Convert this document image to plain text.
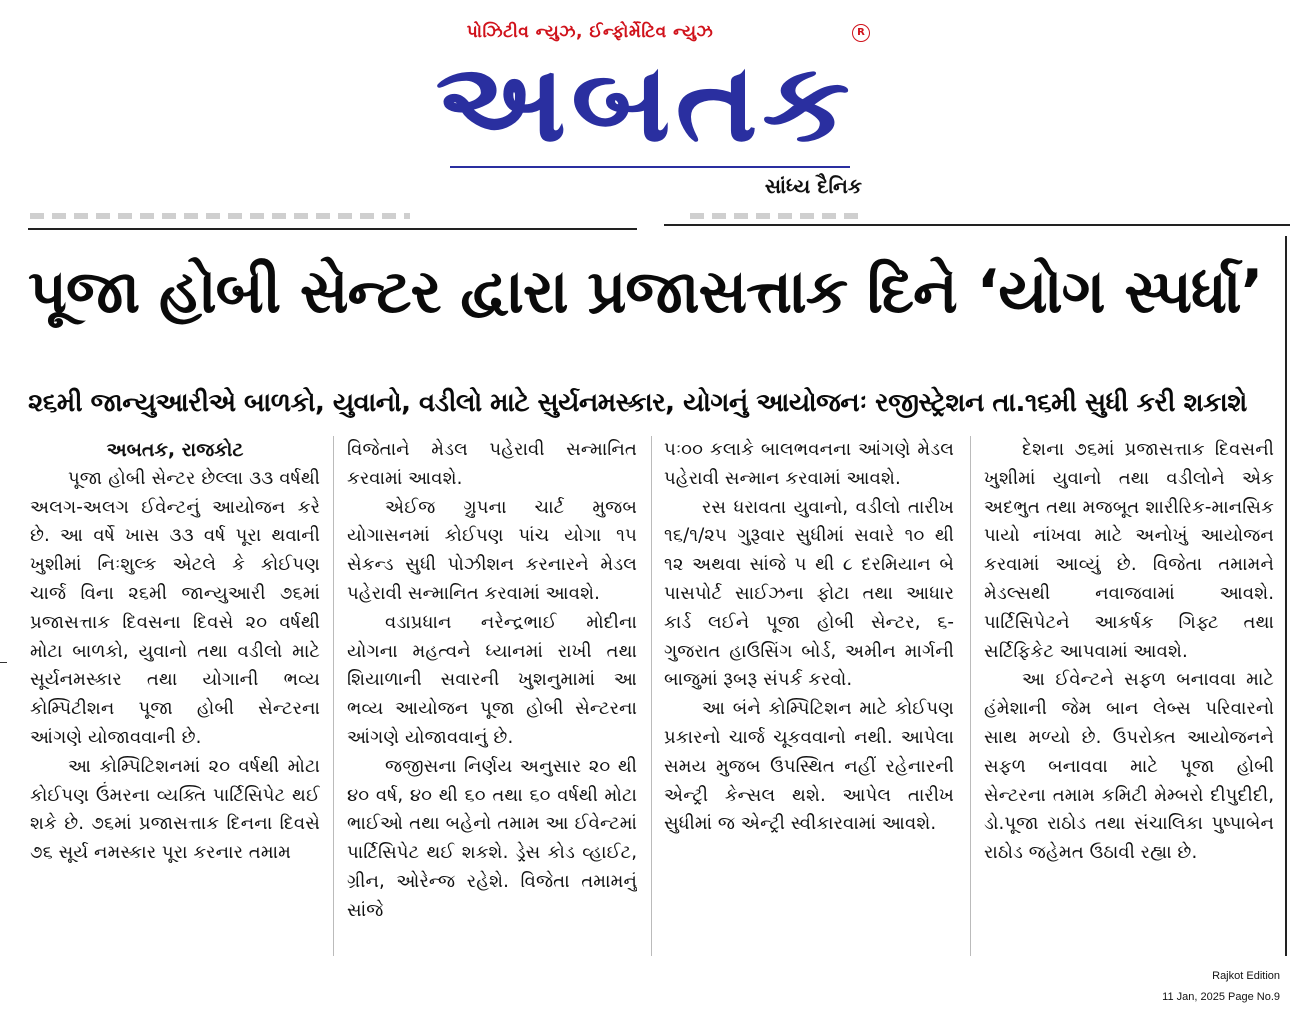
પોઝિટીવ ન્યુઝ, ઈન્ફોર્મેટિવ ન્યુઝ	R
અબતક
સાંધ્ય દૈનિક
પૂજા હોબી સેન્ટર દ્વારા પ્રજાસત્તાક દિને ‘યોગ સ્પર્ધા’
૨૬મી જાન્યુઆરીએ બાળકો, યુવાનો, વડીલો માટે સુર્યનમસ્કાર, યોગનું આયોજનઃ રજીસ્ટ્રેશન તા.૧૬મી સુધી કરી શકાશે

અબતક, રાજકોટ

પૂજા હોબી સેન્ટર છેલ્લા ૩૩ વર્ષથી અલગ-અલગ ઈવેન્ટનું આયોજન કરે છે. આ વર્ષે ખાસ ૩૩ વર્ષ પૂરા થવાની ખુશીમાં નિઃશુલ્ક એટલે કે કોઈપણ ચાર્જ વિના ૨૬મી જાન્યુઆરી ૭૬માં પ્રજાસત્તાક દિવસના દિવસે ૨૦ વર્ષથી મોટા બાળકો, યુવાનો તથા વડીલો માટે સૂર્યનમસ્કાર તથા યોગાની ભવ્ય કોમ્પિટીશન પૂજા હોબી સેન્ટરના આંગણે યોજાવવાની છે.

આ કોમ્પિટિશનમાં ૨૦ વર્ષથી મોટા કોઈપણ ઉંમરના વ્યક્તિ પાર્ટિસિપેટ થઈ શકે છે. ૭૬માં પ્રજાસત્તાક દિનના દિવસે ૭૬ સૂર્ય નમસ્કાર પૂરા કરનાર તમામ

વિજેતાને મેડલ પહેરાવી સન્માનિત કરવામાં આવશે.

એઈજ ગ્રુપના ચાર્ટ મુજબ યોગાસનમાં કોઈપણ પાંચ યોગા ૧૫ સેકન્ડ સુધી પોઝીશન કરનારને મેડલ પહેરાવી સન્માનિત કરવામાં આવશે.

વડાપ્રધાન નરેન્દ્રભાઈ મોદીના યોગના મહત્વને ધ્યાનમાં રાખી તથા શિયાળાની સવારની ખુશનુમામાં આ ભવ્ય આયોજન પૂજા હોબી સેન્ટરના આંગણે યોજાવવાનું છે.

જજીસના નિર્ણય અનુસાર ૨૦ થી ૪૦ વર્ષ, ૪૦ થી ૬૦ તથા ૬૦ વર્ષથી મોટા ભાઈઓ તથા બહેનો તમામ આ ઈવેન્ટમાં પાર્ટિસિપેટ થઈ શકશે. ડ્રેસ કોડ વ્હાઈટ, ગ્રીન, ઓરેન્જ રહેશે. વિજેતા તમામનું સાંજે

૫ઃ૦૦ કલાકે બાલભવનના આંગણે મેડલ પહેરાવી સન્માન કરવામાં આવશે.

રસ ધરાવતા યુવાનો, વડીલો તારીખ ૧૬/૧/૨૫ ગુરૂવાર સુધીમાં સવારે ૧૦ થી ૧૨ અથવા સાંજે ૫ થી ૮ દરમિયાન બે પાસપોર્ટ સાઈઝના ફોટા તથા આધાર કાર્ડ લઈને પૂજા હોબી સેન્ટર, ૬-ગુજરાત હાઉસિંગ બોર્ડ, અમીન માર્ગની બાજુમાં રૂબરૂ સંપર્ક કરવો.

આ બંને કોમ્પિટિશન માટે કોઈપણ પ્રકારનો ચાર્જ ચૂકવવાનો નથી. આપેલા સમય મુજબ ઉપસ્થિત નહીં રહેનારની એન્ટ્રી કેન્સલ થશે. આપેલ તારીખ સુધીમાં જ એન્ટ્રી સ્વીકારવામાં આવશે.

દેશના ૭૬માં પ્રજાસત્તાક દિવસની ખુશીમાં યુવાનો તથા વડીલોને એક અદભુત તથા મજબૂત શારીરિક-માનસિક પાયો નાંખવા માટે અનોખું આયોજન કરવામાં આવ્યું છે. વિજેતા તમામને મેડલ્સથી નવાજવામાં આવશે. પાર્ટિસિપેટને આકર્ષક ગિફ્ટ તથા સર્ટિફિકેટ આપવામાં આવશે.

આ ઈવેન્ટને સફળ બનાવવા માટે હંમેશાની જેમ બાન લેબ્સ પરિવારનો સાથ મળ્યો છે. ઉપરોક્ત આયોજનને સફળ બનાવવા માટે પૂજા હોબી સેન્ટરના તમામ કમિટી મેમ્બરો દીપુદીદી, ડો.પૂજા રાઠોડ તથા સંચાલિકા પુષ્પાબેન રાઠોડ જહેમત ઉઠાવી રહ્યા છે.

Rajkot Edition
11 Jan, 2025 Page No.9
